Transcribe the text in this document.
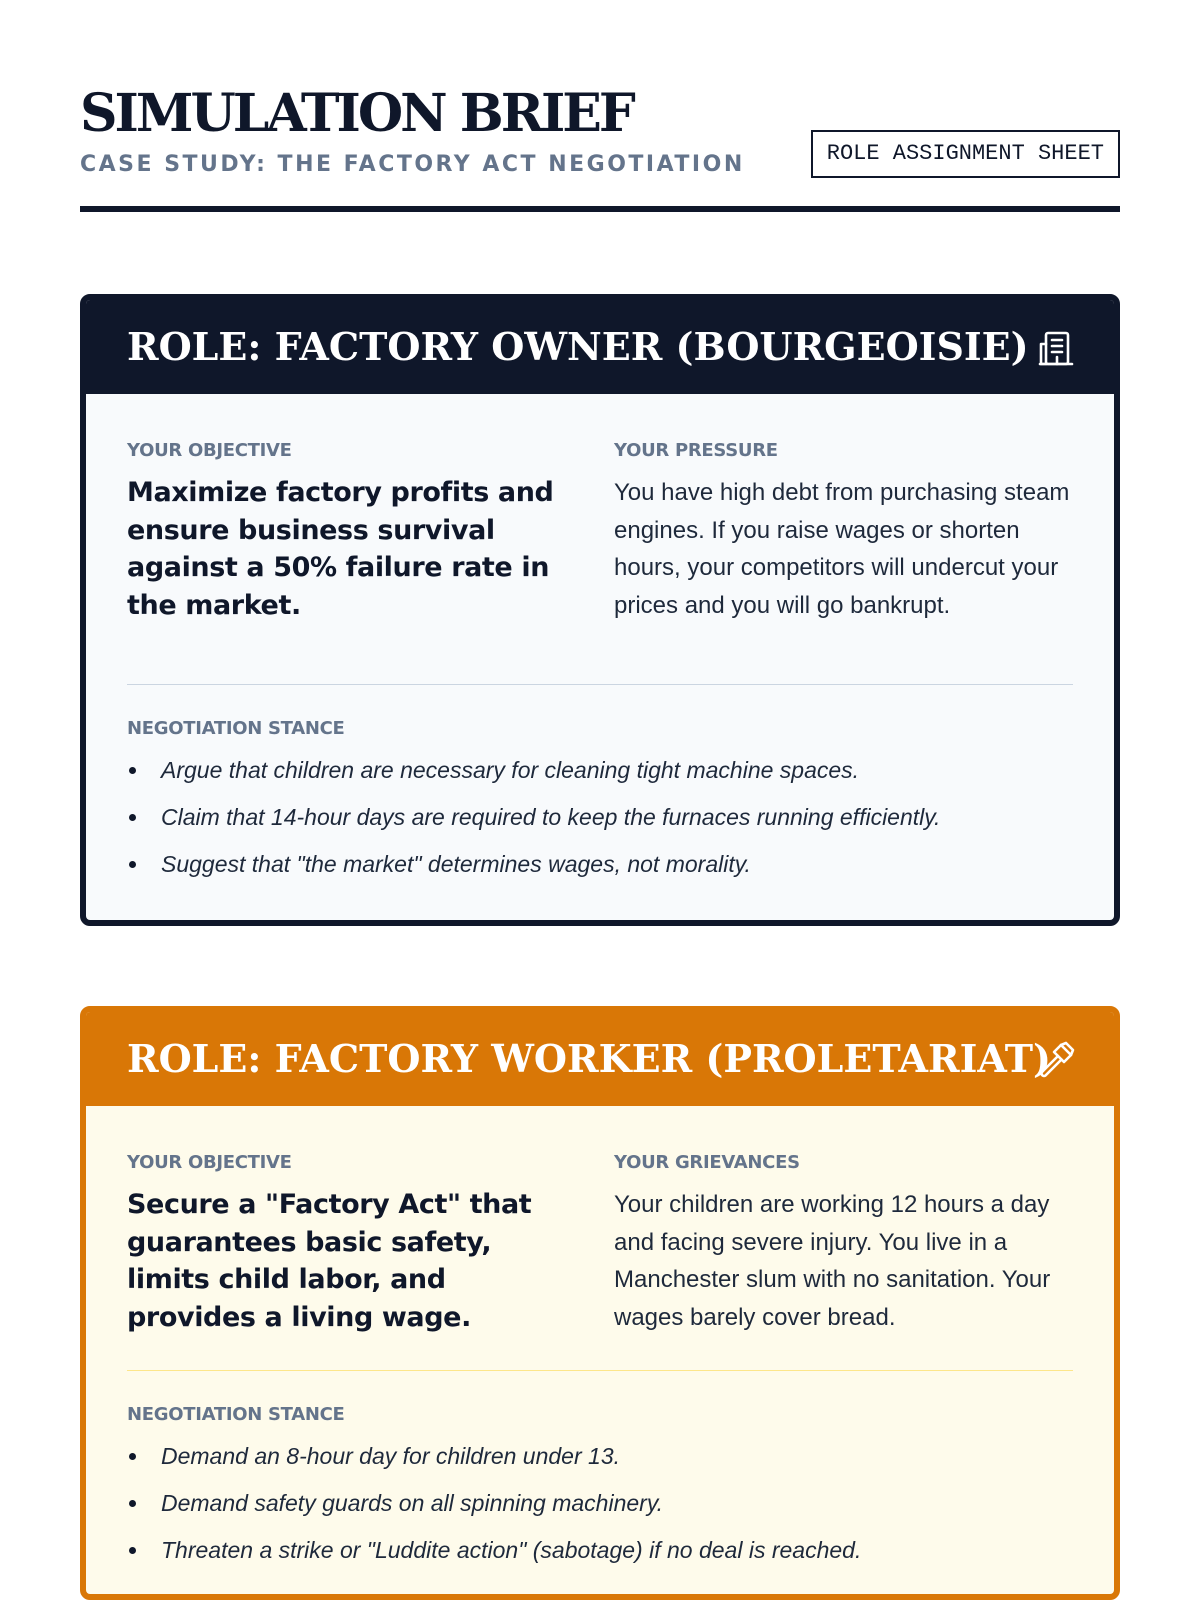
SIMULATION BRIEF
CASE STUDY: THE FACTORY ACT NEGOTIATION	ROLE ASSIGNMENT SHEET
ROLE: FACTORY OWNER (BOURGEOISIE)
YOUR OBJECTIVE
Maximize factory profits and ensure business survival against a 50% failure rate in the market.
YOUR PRESSURE
You have high debt from purchasing steam engines. If you raise wages or shorten hours, your competitors will undercut your prices and you will go bankrupt.
NEGOTIATION STANCE
Argue that children are necessary for cleaning tight machine spaces.
Claim that 14-hour days are required to keep the furnaces running efficiently.
Suggest that "the market" determines wages, not morality.
ROLE: FACTORY WORKER (PROLETARIAT)
YOUR OBJECTIVE
Secure a "Factory Act" that guarantees basic safety, limits child labor, and provides a living wage.
YOUR GRIEVANCES
Your children are working 12 hours a day and facing severe injury. You live in a Manchester slum with no sanitation. Your wages barely cover bread.
NEGOTIATION STANCE
Demand an 8-hour day for children under 13.
Demand safety guards on all spinning machinery.
Threaten a strike or "Luddite action" (sabotage) if no deal is reached.
